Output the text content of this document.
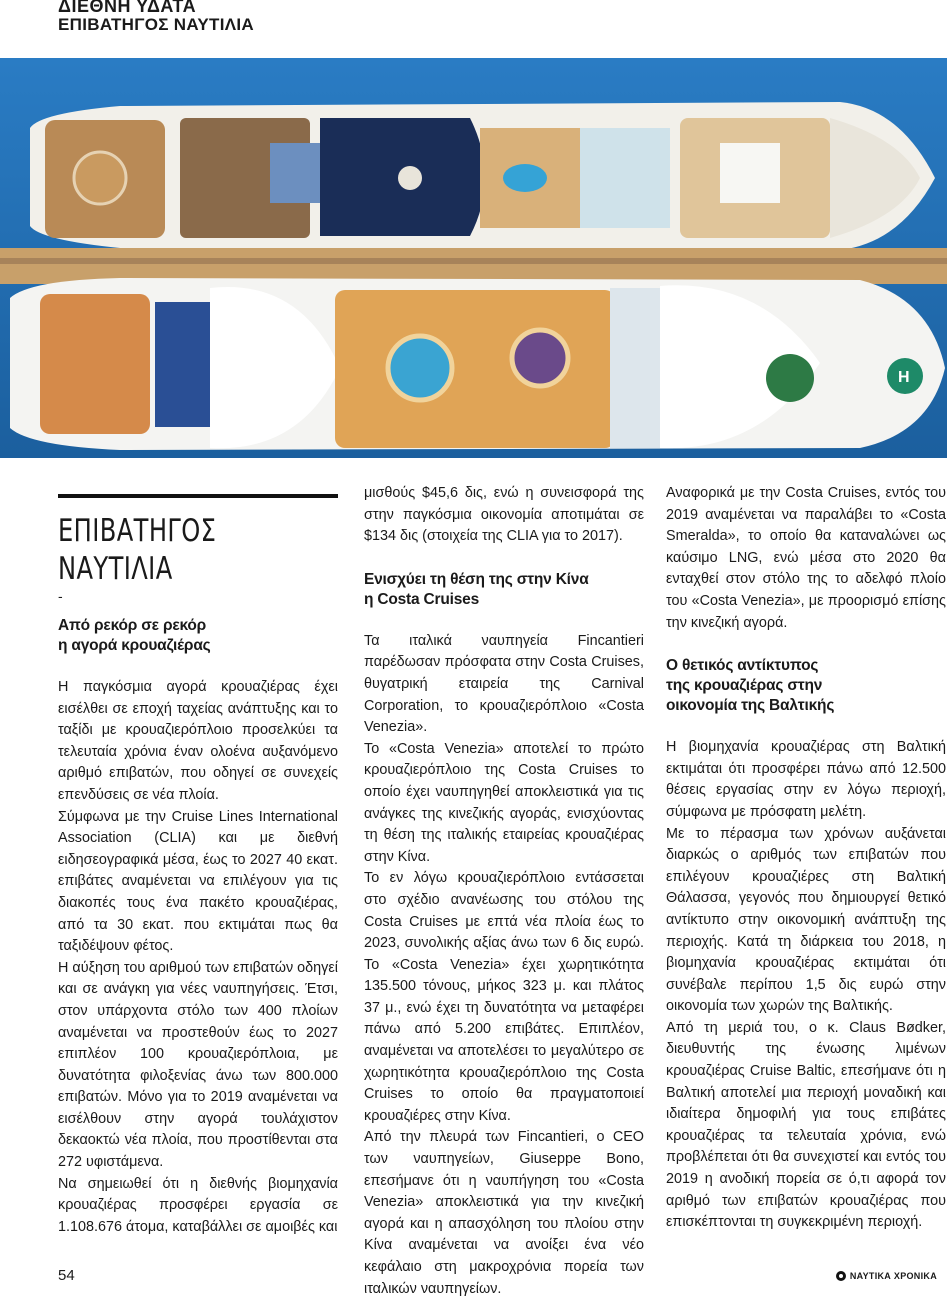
ΔΙΕΘΝΗ ΥΔΑΤΑ
ΕΠΙΒΑΤΗΓΟΣ ΝΑΥΤΙΛΙΑ
H
ΕΠΙΒΑΤΗΓΟΣ
ΝΑΥΤΙΛΙΑ

-

Από ρεκόρ σε ρεκόρ
η αγορά κρουαζιέρας

Η παγκόσμια αγορά κρουαζιέρας έχει εισέλθει σε εποχή ταχείας ανάπτυξης και το ταξίδι με κρουαζιερόπλοιο προσελκύει τα τελευταία χρόνια έναν ολοένα αυξανόμενο αριθμό επιβατών, που οδηγεί σε συνεχείς επενδύσεις σε νέα πλοία.

Σύμφωνα με την Cruise Lines International Association (CLIA) και με διεθνή ειδησεογραφικά μέσα, έως το 2027 40 εκατ. επιβάτες αναμένεται να επιλέγουν για τις διακοπές τους ένα πακέτο κρουαζιέρας, από τα 30 εκατ. που εκτιμάται πως θα ταξιδέψουν φέτος.

Η αύξηση του αριθμού των επιβατών οδηγεί και σε ανάγκη για νέες ναυπηγήσεις. Έτσι, στον υπάρχοντα στόλο των 400 πλοίων αναμένεται να προστεθούν έως το 2027 επιπλέον 100 κρουαζιερόπλοια, με δυνατότητα φιλοξενίας άνω των 800.000 επιβατών. Μόνο για το 2019 αναμένεται να εισέλθουν στην αγορά τουλάχιστον δεκαοκτώ νέα πλοία, που προστίθενται στα 272 υφιστάμενα.

Να σημειωθεί ότι η διεθνής βιομηχανία κρουαζιέρας προσφέρει εργασία σε 1.108.676 άτομα, καταβάλλει σε αμοιβές και

μισθούς $45,6 δις, ενώ η συνεισφορά της στην παγκόσμια οικονομία αποτιμάται σε $134 δις (στοιχεία της CLIA για το 2017).

Ενισχύει τη θέση της στην Κίνα
η Costa Cruises

Τα ιταλικά ναυπηγεία Fincantieri παρέδωσαν πρόσφατα στην Costa Cruises, θυγατρική εταιρεία της Carnival Corporation, το κρουαζιερόπλοιο «Costa Venezia».

Το «Costa Venezia» αποτελεί το πρώτο κρουαζιερόπλοιο της Costa Cruises το οποίο έχει ναυπηγηθεί αποκλειστικά για τις ανάγκες της κινεζικής αγοράς, ενισχύοντας τη θέση της ιταλικής εταιρείας κρουαζιέρας στην Κίνα.

Το εν λόγω κρουαζιερόπλοιο εντάσσεται στο σχέδιο ανανέωσης του στόλου της Costa Cruises με επτά νέα πλοία έως το 2023, συνολικής αξίας άνω των 6 δις ευρώ. Το «Costa Venezia» έχει χωρητικότητα 135.500 τόνους, μήκος 323 μ. και πλάτος 37 μ., ενώ έχει τη δυνατότητα να μεταφέρει πάνω από 5.200 επιβάτες. Επιπλέον, αναμένεται να αποτελέσει το μεγαλύτερο σε χωρητικότητα κρουαζιερόπλοιο της Costa Cruises το οποίο θα πραγματοποιεί κρουαζιέρες στην Κίνα.

Από την πλευρά των Fincantieri, ο CEO των ναυπηγείων, Giuseppe Bono, επεσήμανε ότι η ναυπήγηση του «Costa Venezia» αποκλειστικά για την κινεζική αγορά και η απασχόληση του πλοίου στην Κίνα αναμένεται να ανοίξει ένα νέο κεφάλαιο στη μακροχρόνια πορεία των ιταλικών ναυπηγείων.

Αναφορικά με την Costa Cruises, εντός του 2019 αναμένεται να παραλάβει το «Costa Smeralda», το οποίο θα καταναλώνει ως καύσιμο LNG, ενώ μέσα στο 2020 θα ενταχθεί στον στόλο της το αδελφό πλοίο του «Costa Venezia», με προορισμό επίσης την κινεζική αγορά.

Ο θετικός αντίκτυπος
της κρουαζιέρας στην
οικονομία της Βαλτικής

Η βιομηχανία κρουαζιέρας στη Βαλτική εκτιμάται ότι προσφέρει πάνω από 12.500 θέσεις εργασίας στην εν λόγω περιοχή, σύμφωνα με πρόσφατη μελέτη.

Με το πέρασμα των χρόνων αυξάνεται διαρκώς ο αριθμός των επιβατών που επιλέγουν κρουαζιέρες στη Βαλτική Θάλασσα, γεγονός που δημιουργεί θετικό αντίκτυπο στην οικονομική ανάπτυξη της περιοχής. Κατά τη διάρκεια του 2018, η βιομηχανία κρουαζιέρας εκτιμάται ότι συνέβαλε περίπου 1,5 δις ευρώ στην οικονομία των χωρών της Βαλτικής.

Από τη μεριά του, ο κ. Claus Bødker, διευθυντής της ένωσης λιμένων κρουαζιέρας Cruise Baltic, επεσήμανε ότι η Βαλτική αποτελεί μια περιοχή μοναδική και ιδιαίτερα δημοφιλή για τους επιβάτες κρουαζιέρας τα τελευταία χρόνια, ενώ προβλέπεται ότι θα συνεχιστεί και εντός του 2019 η ανοδική πορεία σε ό,τι αφορά τον αριθμό των επιβατών κρουαζιέρας που επισκέπτονται τη συγκεκριμένη περιοχή.

54	ΝΑΥΤΙΚΑ ΧΡΟΝΙΚΑ
